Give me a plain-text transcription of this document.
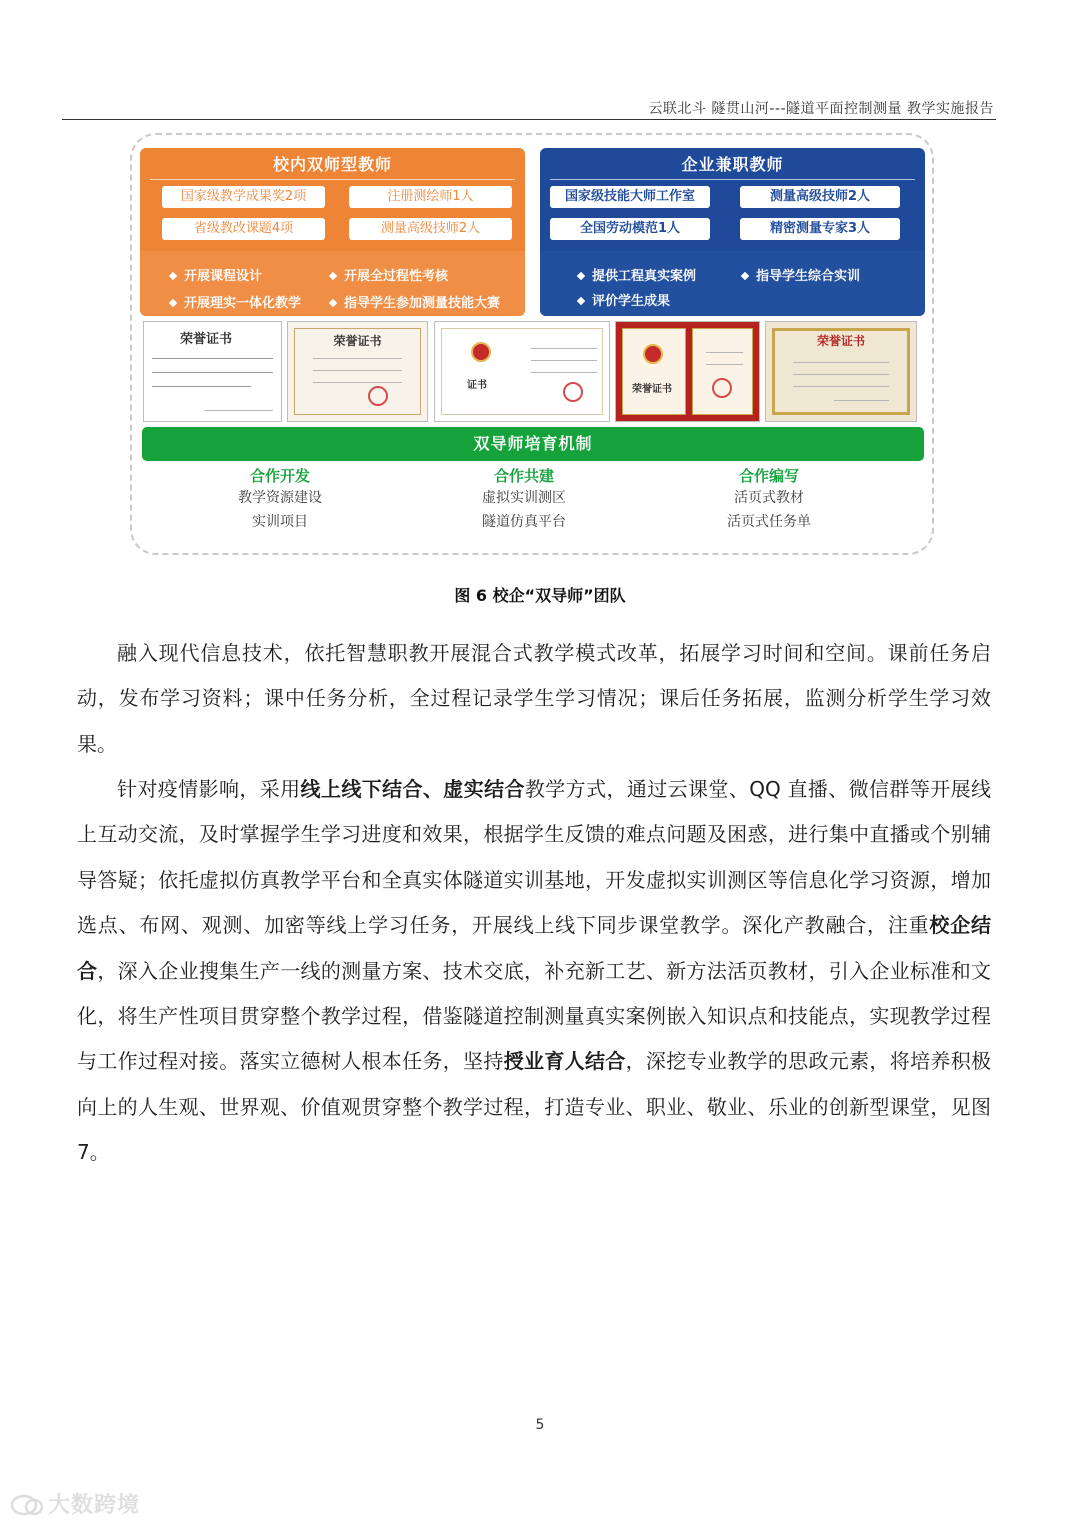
云联北斗 隧贯山河---隧道平面控制测量 教学实施报告
校内双师型教师
国家级教学成果奖2项	注册测绘师1人
省级教改课题4项	测量高级技师2人
开展课程设计	开展全过程性考核
开展理实一体化教学	指导学生参加测量技能大赛
企业兼职教师
国家级技能大师工作室	测量高级技师2人
全国劳动模范1人	精密测量专家3人
提供工程真实案例	指导学生综合实训
评价学生成果
荣誉证书	荣誉证书
证书	荣誉证书
荣誉证书
双导师培育机制
合作开发
教学资源建设
实训项目
合作共建
虚拟实训测区
隧道仿真平台
合作编写
活页式教材
活页式任务单
图 6 校企“双导师”团队
融入现代信息技术，依托智慧职教开展混合式教学模式改革，拓展学习时间和空间。课前任务启动，发布学习资料；课中任务分析，全过程记录学生学习情况；课后任务拓展，监测分析学生学习效果。
针对疫情影响，采用线上线下结合、虚实结合教学方式，通过云课堂、QQ 直播、微信群等开展线上互动交流，及时掌握学生学习进度和效果，根据学生反馈的难点问题及困惑，进行集中直播或个别辅导答疑；依托虚拟仿真教学平台和全真实体隧道实训基地，开发虚拟实训测区等信息化学习资源，增加选点、布网、观测、加密等线上学习任务，开展线上线下同步课堂教学。深化产教融合，注重校企结合，深入企业搜集生产一线的测量方案、技术交底，补充新工艺、新方法活页教材，引入企业标准和文化，将生产性项目贯穿整个教学过程，借鉴隧道控制测量真实案例嵌入知识点和技能点，实现教学过程与工作过程对接。落实立德树人根本任务，坚持授业育人结合，深挖专业教学的思政元素，将培养积极向上的人生观、世界观、价值观贯穿整个教学过程，打造专业、职业、敬业、乐业的创新型课堂，见图 7。
5
大数跨境
